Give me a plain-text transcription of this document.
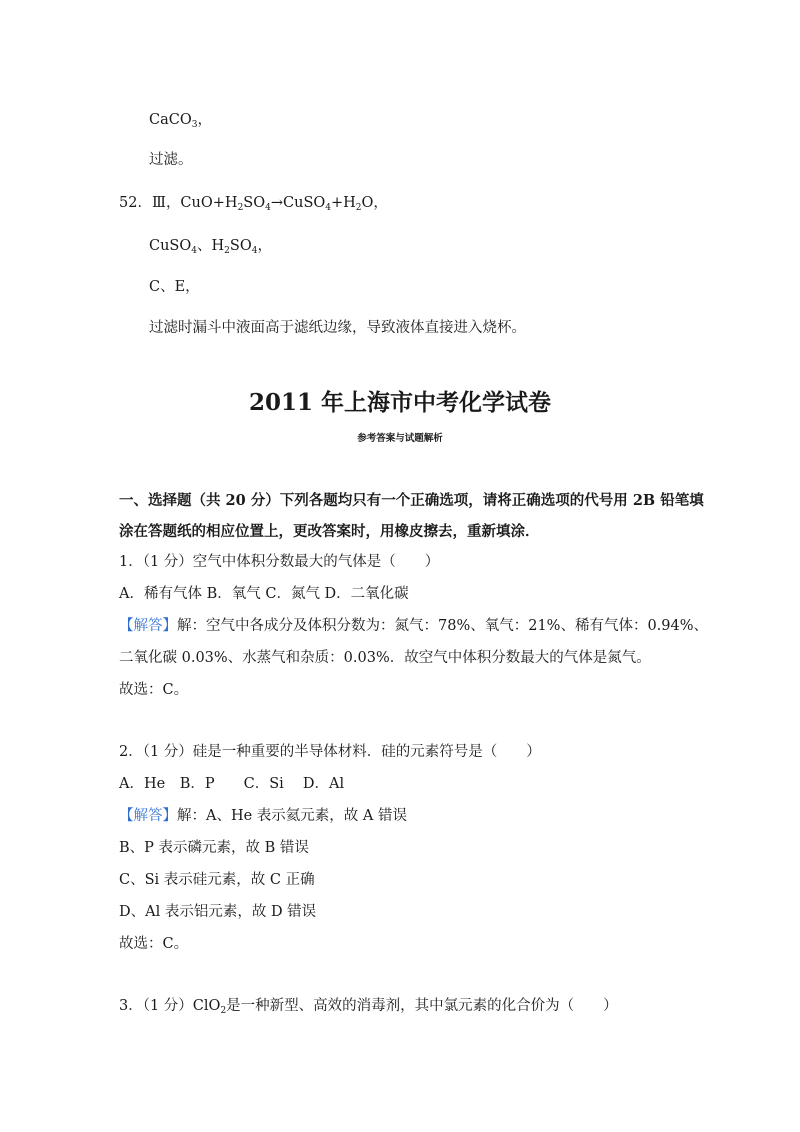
CaCO$_3$，
过滤。
52．Ⅲ，$CuO+H_2SO_4\to CuSO_4+H_2O$，
CuSO$_4$、$H_2SO_4$，
C、E，
过滤时漏斗中液面高于滤纸边缘，导致液体直接进入烧杯。
2011 年上海市中考化学试卷
参考答案与试题解析
一、选择题（共 20 分）下列各题均只有一个正确选项，请将正确选项的代号用 2B 铅笔填
涂在答题纸的相应位置上，更改答案时，用橡皮擦去，重新填涂．
1．（1 分）空气中体积分数最大的气体是（　　）
A．稀有气体 B．氧气 C．氮气 D．二氧化碳
【解答】解：空气中各成分及体积分数为：氮气：78%、氧气：21%、稀有气体：0.94%、
二氧化碳 0.03%、水蒸气和杂质：0.03%．故空气中体积分数最大的气体是氮气。
故选：C。
2．（1 分）硅是一种重要的半导体材料．硅的元素符号是（　　）
A．He　B．P　　C．Si　 D．Al
【解答】解：A、He 表示氦元素，故 A 错误
B、P 表示磷元素，故 B 错误
C、Si 表示硅元素，故 C 正确
D、Al 表示铝元素，故 D 错误
故选：C。
3．（1 分）ClO$_2$是一种新型、高效的消毒剂，其中氯元素的化合价为（　　）
